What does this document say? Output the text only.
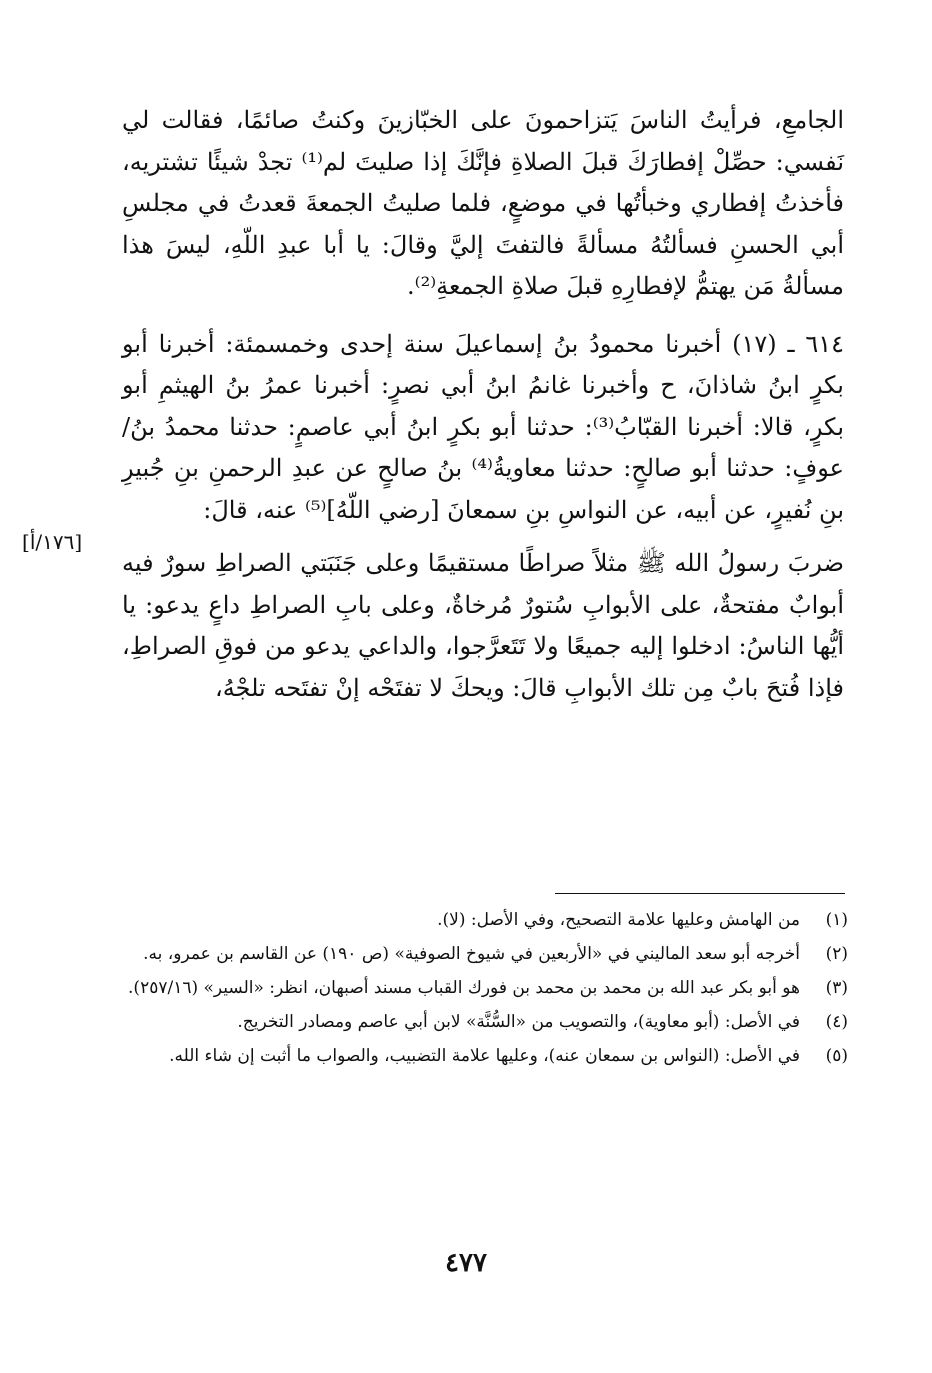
الجامعِ، فرأيتُ الناسَ يَتزاحمونَ على الخبّازينَ وكنتُ صائمًا، فقالت لي نَفسي: حصِّلْ إفطارَكَ قبلَ الصلاةِ فإنَّكَ إذا صليتَ لم⁽¹⁾ تجدْ شيئًا تشتريه، فأخذتُ إفطاري وخبأتُها في موضعٍ، فلما صليتُ الجمعةَ قعدتُ في مجلسِ أبي الحسنِ فسألتُهُ مسألةً فالتفتَ إليَّ وقالَ: يا أبا عبدِ اللّهِ، ليسَ هذا مسألةُ مَن يهتمُّ لإفطارِهِ قبلَ صلاةِ الجمعةِ⁽²⁾.

٦١٤ ـ (١٧) أخبرنا محمودُ بنُ إسماعيلَ سنة إحدى وخمسمئة: أخبرنا أبو بكرٍ ابنُ شاذانَ، ح وأخبرنا غانمُ ابنُ أبي نصرٍ: أخبرنا عمرُ بنُ الهيثمِ أبو بكرٍ، قالا: أخبرنا القبّابُ⁽³⁾: حدثنا أبو بكرٍ ابنُ أبي عاصمٍ: حدثنا محمدُ بنُ/ عوفٍ: حدثنا أبو صالحٍ: حدثنا معاويةُ⁽⁴⁾ بنُ صالحٍ عن عبدِ الرحمنِ بنِ جُبيرِ بنِ نُفيرٍ، عن أبيه، عن النواسِ بنِ سمعانَ [رضي اللّهُ]⁽⁵⁾ عنه، قالَ:

ضربَ رسولُ الله ﷺ مثلاً صراطًا مستقيمًا وعلى جَنَبَتي الصراطِ سورٌ فيه أبوابٌ مفتحةٌ، على الأبوابِ سُتورٌ مُرخاةٌ، وعلى بابِ الصراطِ داعٍ يدعو: يا أيُّها الناسُ: ادخلوا إليه جميعًا ولا تَتَعرَّجوا، والداعي يدعو من فوقِ الصراطِ، فإذا فُتحَ بابٌ مِن تلك الأبوابِ قالَ: ويحكَ لا تفتَحْه إنْ تفتَحه تلجْهُ،

[١٧٦/أ]
(١)
من الهامش وعليها علامة التصحيح، وفي الأصل: (لا).
(٢)
أخرجه أبو سعد الماليني في «الأربعين في شيوخ الصوفية» (ص ١٩٠) عن القاسم بن عمرو، به.
(٣)
هو أبو بكر عبد الله بن محمد بن محمد بن فورك القباب مسند أصبهان، انظر: «السير» (٢٥٧/١٦).
(٤)
في الأصل: (أبو معاوية)، والتصويب من «السُّنَّة» لابن أبي عاصم ومصادر التخريج.
(٥)
في الأصل: (النواس بن سمعان عنه)، وعليها علامة التضبيب، والصواب ما أثبت إن شاء الله.
٤٧٧
